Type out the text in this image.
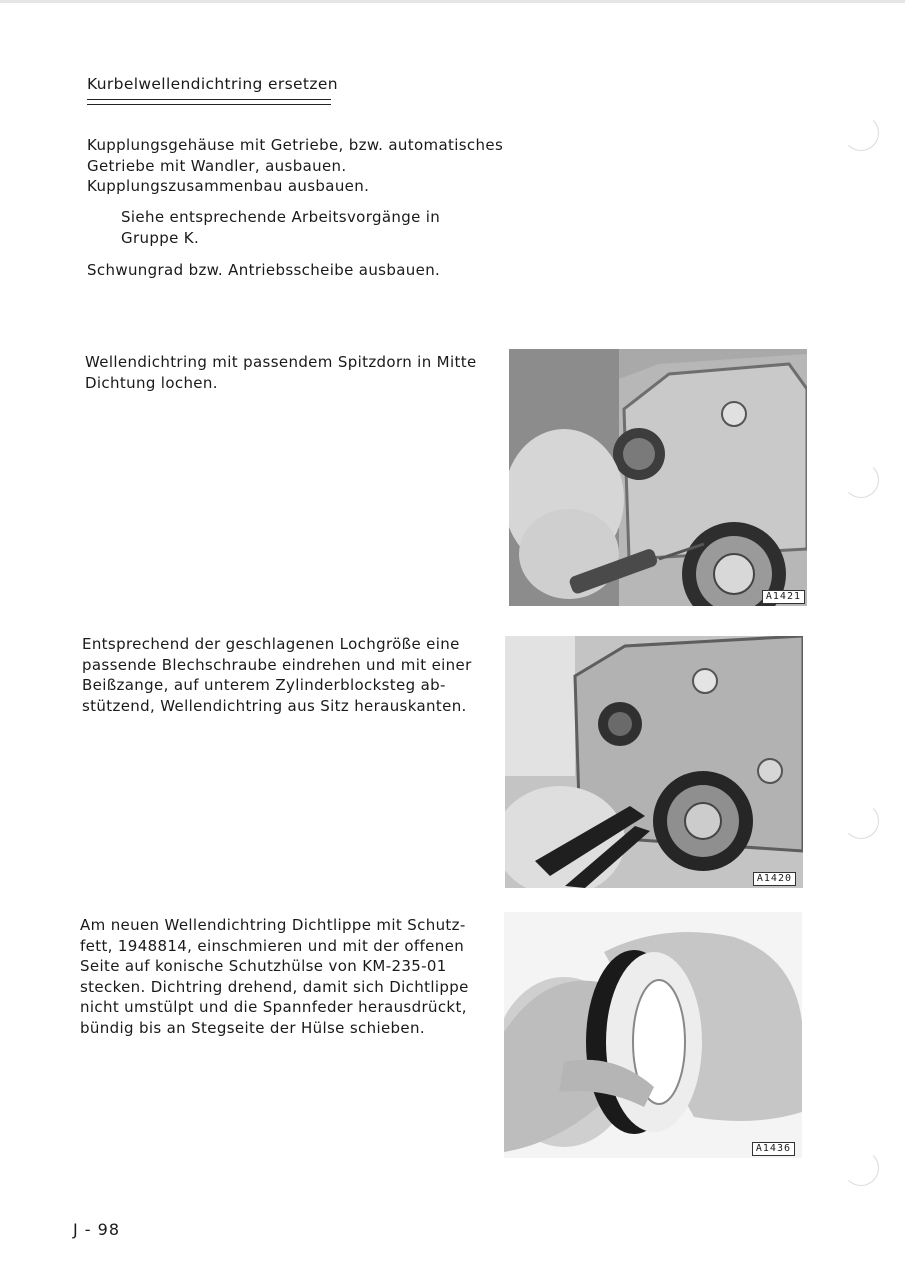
Kurbelwellendichtring ersetzen
Kupplungsgehäuse mit Getriebe, bzw. automatisches
Getriebe mit Wandler, ausbauen.
Kupplungszusammenbau ausbauen.
Siehe entsprechende Arbeitsvorgänge in
Gruppe K.
Schwungrad bzw. Antriebsscheibe ausbauen.
Wellendichtring mit passendem Spitzdorn in Mitte
Dichtung lochen.
A1421
Entsprechend der geschlagenen Lochgröße eine
passende Blechschraube eindrehen und mit einer
Beißzange, auf unterem Zylinderblocksteg ab-
stützend, Wellendichtring aus Sitz herauskanten.
A1420
Am neuen Wellendichtring Dichtlippe mit Schutz-
fett, 1948814, einschmieren und mit der offenen
Seite auf konische Schutzhülse von KM-235-01
stecken. Dichtring drehend, damit sich Dichtlippe
nicht umstülpt und die Spannfeder herausdrückt,
bündig bis an Stegseite der Hülse schieben.
A1436
J - 98
